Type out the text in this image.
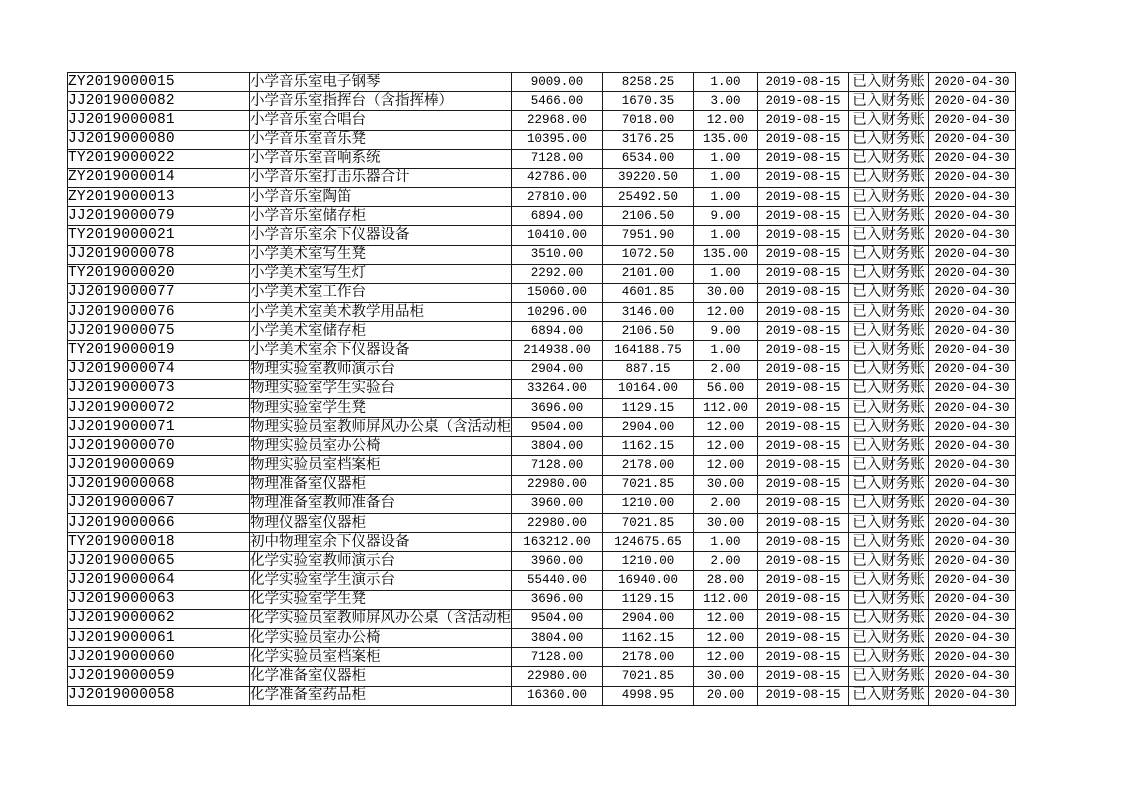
ZY2019000015	小学音乐室电子钢琴	9009.00	8258.25	1.00	2019-08-15	已入财务账	2020-04-30
JJ2019000082	小学音乐室指挥台（含指挥棒）	5466.00	1670.35	3.00	2019-08-15	已入财务账	2020-04-30
JJ2019000081	小学音乐室合唱台	22968.00	7018.00	12.00	2019-08-15	已入财务账	2020-04-30
JJ2019000080	小学音乐室音乐凳	10395.00	3176.25	135.00	2019-08-15	已入财务账	2020-04-30
TY2019000022	小学音乐室音响系统	7128.00	6534.00	1.00	2019-08-15	已入财务账	2020-04-30
ZY2019000014	小学音乐室打击乐器合计	42786.00	39220.50	1.00	2019-08-15	已入财务账	2020-04-30
ZY2019000013	小学音乐室陶笛	27810.00	25492.50	1.00	2019-08-15	已入财务账	2020-04-30
JJ2019000079	小学音乐室储存柜	6894.00	2106.50	9.00	2019-08-15	已入财务账	2020-04-30
TY2019000021	小学音乐室余下仪器设备	10410.00	7951.90	1.00	2019-08-15	已入财务账	2020-04-30
JJ2019000078	小学美术室写生凳	3510.00	1072.50	135.00	2019-08-15	已入财务账	2020-04-30
TY2019000020	小学美术室写生灯	2292.00	2101.00	1.00	2019-08-15	已入财务账	2020-04-30
JJ2019000077	小学美术室工作台	15060.00	4601.85	30.00	2019-08-15	已入财务账	2020-04-30
JJ2019000076	小学美术室美术教学用品柜	10296.00	3146.00	12.00	2019-08-15	已入财务账	2020-04-30
JJ2019000075	小学美术室储存柜	6894.00	2106.50	9.00	2019-08-15	已入财务账	2020-04-30
TY2019000019	小学美术室余下仪器设备	214938.00	164188.75	1.00	2019-08-15	已入财务账	2020-04-30
JJ2019000074	物理实验室教师演示台	2904.00	887.15	2.00	2019-08-15	已入财务账	2020-04-30
JJ2019000073	物理实验室学生实验台	33264.00	10164.00	56.00	2019-08-15	已入财务账	2020-04-30
JJ2019000072	物理实验室学生凳	3696.00	1129.15	112.00	2019-08-15	已入财务账	2020-04-30
JJ2019000071	物理实验员室教师屏风办公桌（含活动柜	9504.00	2904.00	12.00	2019-08-15	已入财务账	2020-04-30
JJ2019000070	物理实验员室办公椅	3804.00	1162.15	12.00	2019-08-15	已入财务账	2020-04-30
JJ2019000069	物理实验员室档案柜	7128.00	2178.00	12.00	2019-08-15	已入财务账	2020-04-30
JJ2019000068	物理准备室仪器柜	22980.00	7021.85	30.00	2019-08-15	已入财务账	2020-04-30
JJ2019000067	物理准备室教师准备台	3960.00	1210.00	2.00	2019-08-15	已入财务账	2020-04-30
JJ2019000066	物理仪器室仪器柜	22980.00	7021.85	30.00	2019-08-15	已入财务账	2020-04-30
TY2019000018	初中物理室余下仪器设备	163212.00	124675.65	1.00	2019-08-15	已入财务账	2020-04-30
JJ2019000065	化学实验室教师演示台	3960.00	1210.00	2.00	2019-08-15	已入财务账	2020-04-30
JJ2019000064	化学实验室学生演示台	55440.00	16940.00	28.00	2019-08-15	已入财务账	2020-04-30
JJ2019000063	化学实验室学生凳	3696.00	1129.15	112.00	2019-08-15	已入财务账	2020-04-30
JJ2019000062	化学实验员室教师屏风办公桌（含活动柜	9504.00	2904.00	12.00	2019-08-15	已入财务账	2020-04-30
JJ2019000061	化学实验员室办公椅	3804.00	1162.15	12.00	2019-08-15	已入财务账	2020-04-30
JJ2019000060	化学实验员室档案柜	7128.00	2178.00	12.00	2019-08-15	已入财务账	2020-04-30
JJ2019000059	化学准备室仪器柜	22980.00	7021.85	30.00	2019-08-15	已入财务账	2020-04-30
JJ2019000058	化学准备室药品柜	16360.00	4998.95	20.00	2019-08-15	已入财务账	2020-04-30
